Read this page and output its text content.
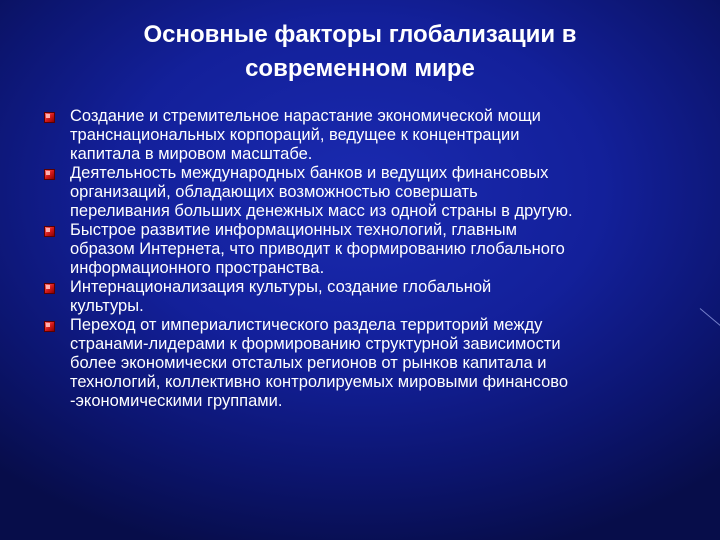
Основные факторы глобализации в
современном мире
Создание и стремительное нарастание экономической мощи
транснациональных корпораций, ведущее к концентрации
капитала в мировом масштабе.
Деятельность международных банков и ведущих финансовых
организаций, обладающих возможностью совершать
переливания больших денежных масс из одной страны в другую.
Быстрое развитие информационных технологий, главным
образом Интернета, что приводит к формированию глобального
информационного пространства.
Интернационализация культуры, создание глобальной
культуры.
Переход от империалистического раздела территорий между
странами-лидерами к формированию структурной зависимости
более экономически отсталых регионов от рынков капитала и
технологий, коллективно контролируемых мировыми финансово
-экономическими группами.
